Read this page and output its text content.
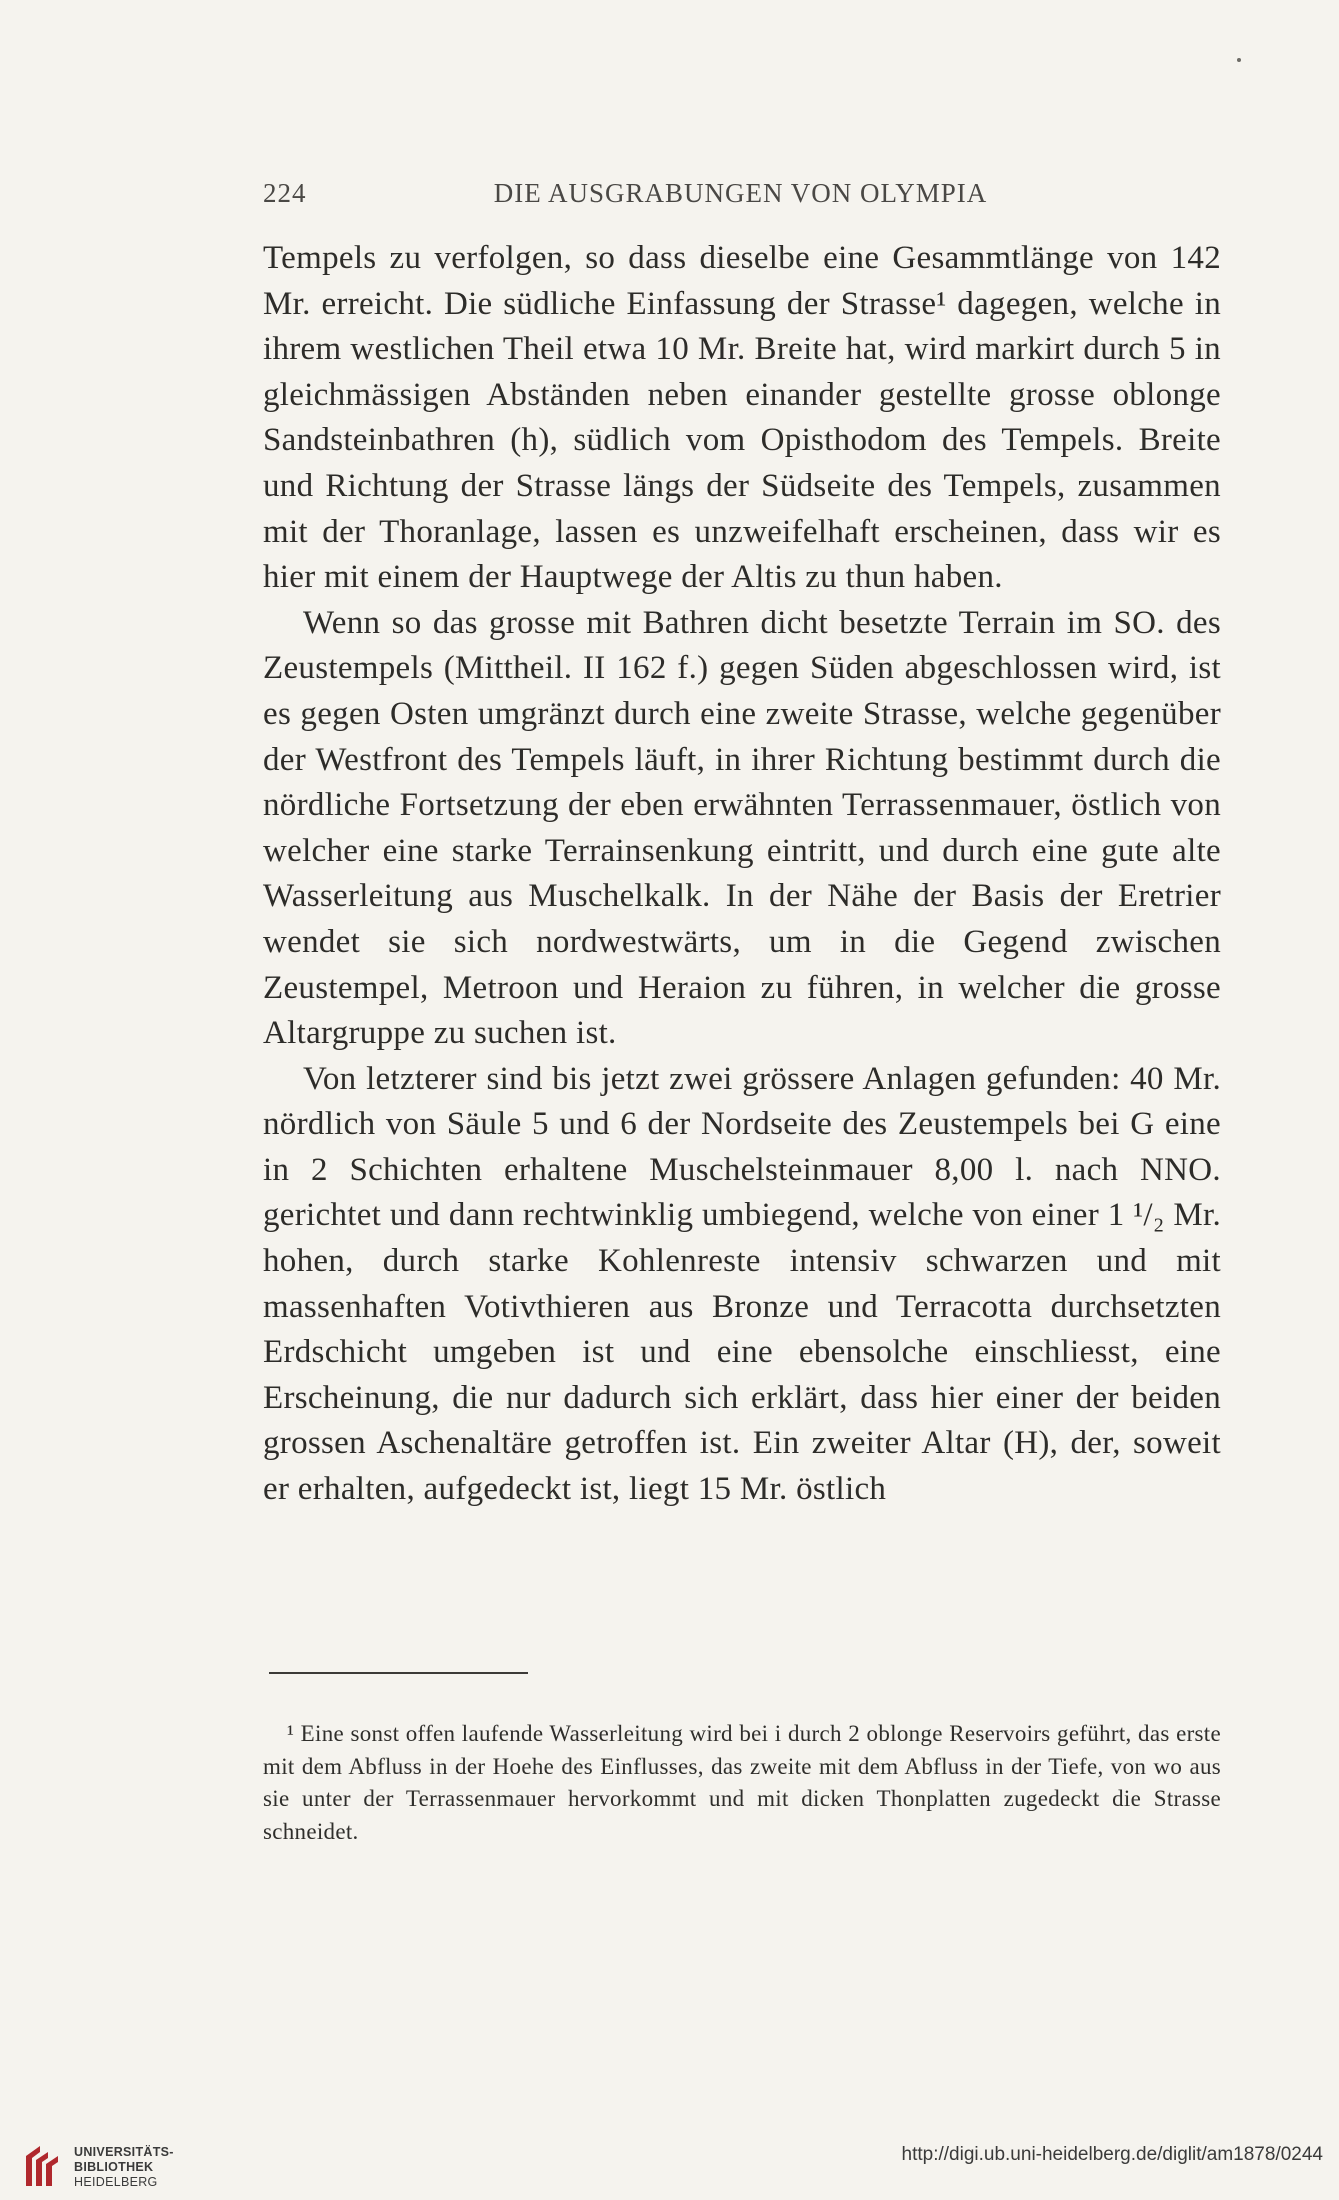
224	DIE AUSGRABUNGEN VON OLYMPIA

Tempels zu verfolgen, so dass dieselbe eine Gesammtlänge von 142 Mr. erreicht. Die südliche Einfassung der Strasse¹ dagegen, welche in ihrem westlichen Theil etwa 10 Mr. Breite hat, wird markirt durch 5 in gleichmässigen Abständen neben einander gestellte grosse oblonge Sandsteinbathren (h), südlich vom Opisthodom des Tempels. Breite und Richtung der Strasse längs der Südseite des Tempels, zusammen mit der Thoranlage, lassen es unzweifelhaft erscheinen, dass wir es hier mit einem der Hauptwege der Altis zu thun haben.

Wenn so das grosse mit Bathren dicht besetzte Terrain im SO. des Zeustempels (Mittheil. II 162 f.) gegen Süden abgeschlossen wird, ist es gegen Osten umgränzt durch eine zweite Strasse, welche gegenüber der Westfront des Tempels läuft, in ihrer Richtung bestimmt durch die nördliche Fortsetzung der eben erwähnten Terrassenmauer, östlich von welcher eine starke Terrainsenkung eintritt, und durch eine gute alte Wasserleitung aus Muschelkalk. In der Nähe der Basis der Eretrier wendet sie sich nordwestwärts, um in die Gegend zwischen Zeustempel, Metroon und Heraion zu führen, in welcher die grosse Altargruppe zu suchen ist.

Von letzterer sind bis jetzt zwei grössere Anlagen gefunden: 40 Mr. nördlich von Säule 5 und 6 der Nordseite des Zeustempels bei G eine in 2 Schichten erhaltene Muschelsteinmauer 8,00 l. nach NNO. gerichtet und dann rechtwinklig umbiegend, welche von einer 1 ¹/₂ Mr. hohen, durch starke Kohlenreste intensiv schwarzen und mit massenhaften Votivthieren aus Bronze und Terracotta durchsetzten Erdschicht umgeben ist und eine ebensolche einschliesst, eine Erscheinung, die nur dadurch sich erklärt, dass hier einer der beiden grossen Aschenaltäre getroffen ist. Ein zweiter Altar (H), der, soweit er erhalten, aufgedeckt ist, liegt 15 Mr. östlich

¹ Eine sonst offen laufende Wasserleitung wird bei i durch 2 oblonge Reservoirs geführt, das erste mit dem Abfluss in der Hoehe des Einflusses, das zweite mit dem Abfluss in der Tiefe, von wo aus sie unter der Terrassenmauer hervorkommt und mit dicken Thonplatten zugedeckt die Strasse schneidet.
UNIVERSITÄTS-
BIBLIOTHEK
HEIDELBERG
http://digi.ub.uni-heidelberg.de/diglit/am1878/0244
